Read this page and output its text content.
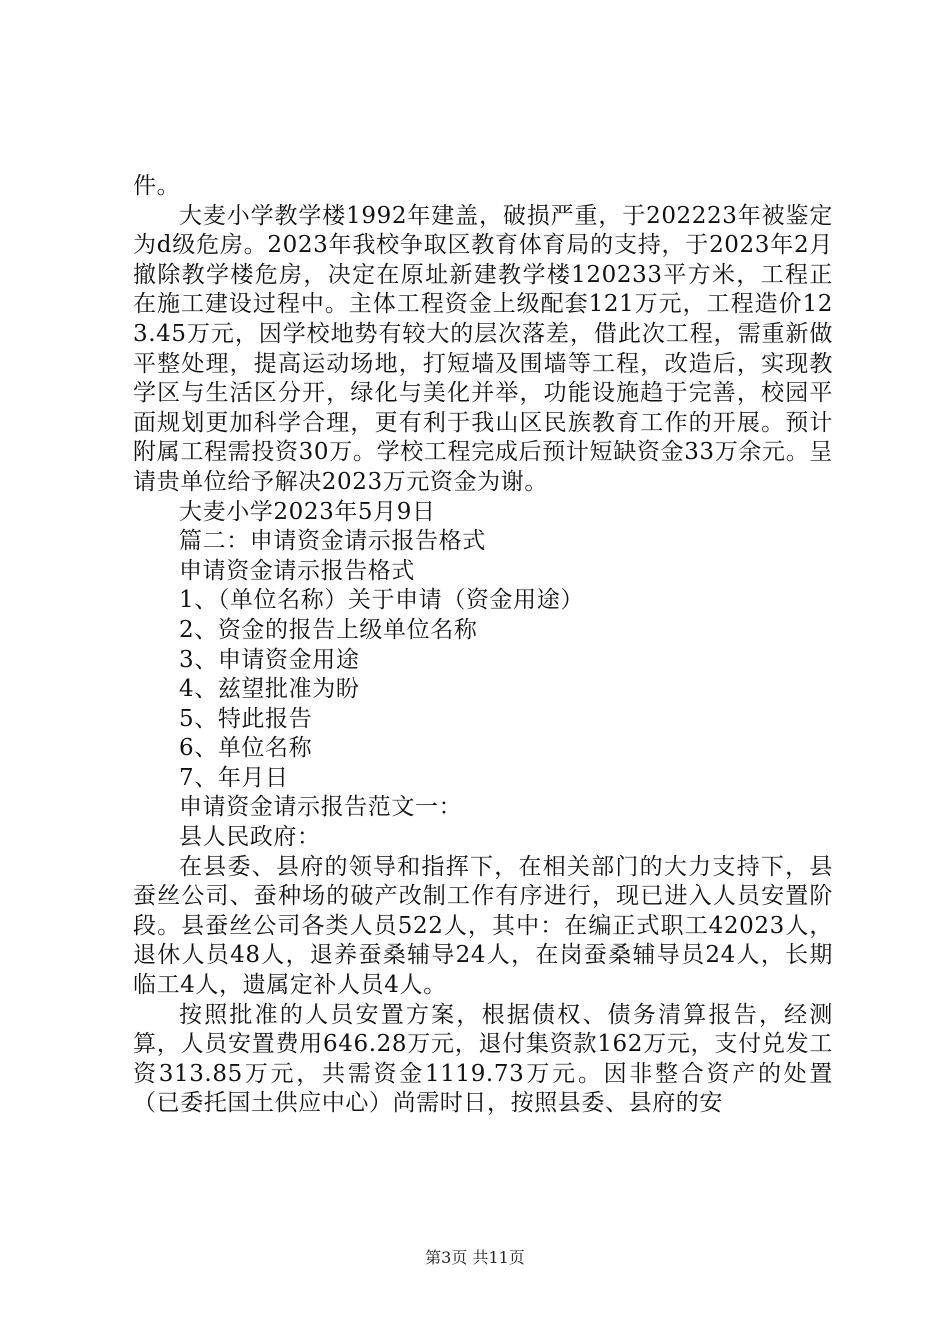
件。

大麦小学教学楼1992年建盖，破损严重，于202223年被鉴定为d级危房。2023年我校争取区教育体育局的支持，于2023年2月撤除教学楼危房，决定在原址新建教学楼120233平方米，工程正在施工建设过程中。主体工程资金上级配套121万元，工程造价123.45万元，因学校地势有较大的层次落差，借此次工程，需重新做平整处理，提高运动场地，打短墙及围墙等工程，改造后，实现教学区与生活区分开，绿化与美化并举，功能设施趋于完善，校园平面规划更加科学合理，更有利于我山区民族教育工作的开展。预计附属工程需投资30万。学校工程完成后预计短缺资金33万余元。呈请贵单位给予解决2023万元资金为谢。

大麦小学2023年5月9日

篇二：申请资金请示报告格式

申请资金请示报告格式

1、（单位名称）关于申请（资金用途）

2、资金的报告上级单位名称

3、申请资金用途

4、兹望批准为盼

5、特此报告

6、单位名称

7、年月日

申请资金请示报告范文一：

县人民政府：

在县委、县府的领导和指挥下，在相关部门的大力支持下，县蚕丝公司、蚕种场的破产改制工作有序进行，现已进入人员安置阶段。县蚕丝公司各类人员522人，其中：在编正式职工42023人，退休人员48人，退养蚕桑辅导24人，在岗蚕桑辅导员24人，长期临工4人，遗属定补人员4人。

按照批准的人员安置方案，根据债权、债务清算报告，经测算，人员安置费用646.28万元，退付集资款162万元，支付兑发工资313.85万元，共需资金1119.73万元。因非整合资产的处置（已委托国土供应中心）尚需时日，按照县委、县府的安

第3页 共11页
